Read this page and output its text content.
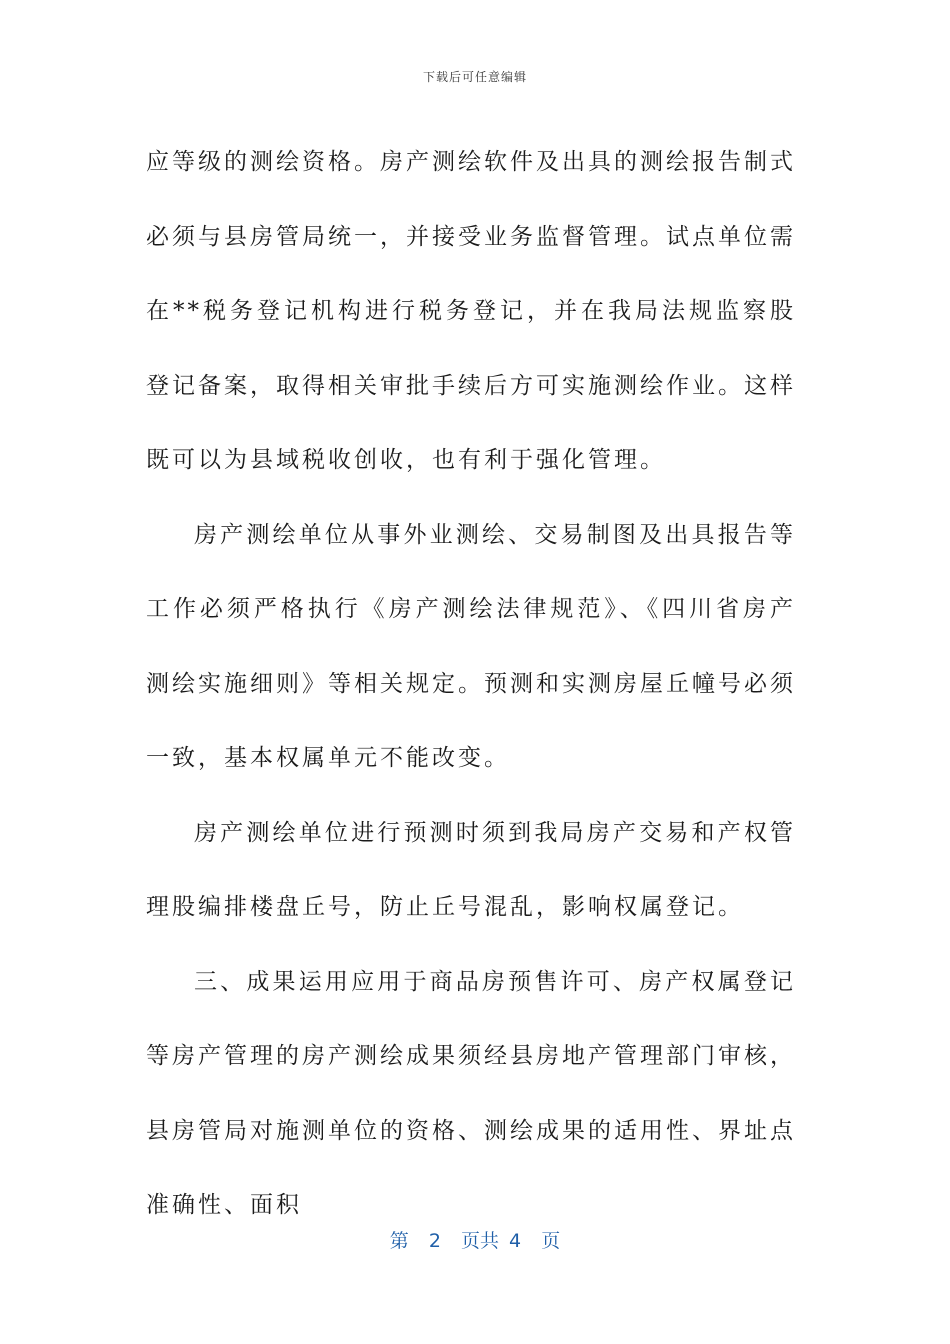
下载后可任意编辑

应等级的测绘资格。房产测绘软件及出具的测绘报告制式必须与县房管局统一，并接受业务监督管理。试点单位需在**税务登记机构进行税务登记，并在我局法规监察股登记备案，取得相关审批手续后方可实施测绘作业。这样既可以为县域税收创收，也有利于强化管理。

房产测绘单位从事外业测绘、交易制图及出具报告等工作必须严格执行《房产测绘法律规范》、《四川省房产测绘实施细则》等相关规定。预测和实测房屋丘幢号必须一致，基本权属单元不能改变。

房产测绘单位进行预测时须到我局房产交易和产权管理股编排楼盘丘号，防止丘号混乱，影响权属登记。

三、成果运用应用于商品房预售许可、房产权属登记等房产管理的房产测绘成果须经县房地产管理部门审核，县房管局对施测单位的资格、测绘成果的适用性、界址点准确性、面积

第  2  页共 4  页
